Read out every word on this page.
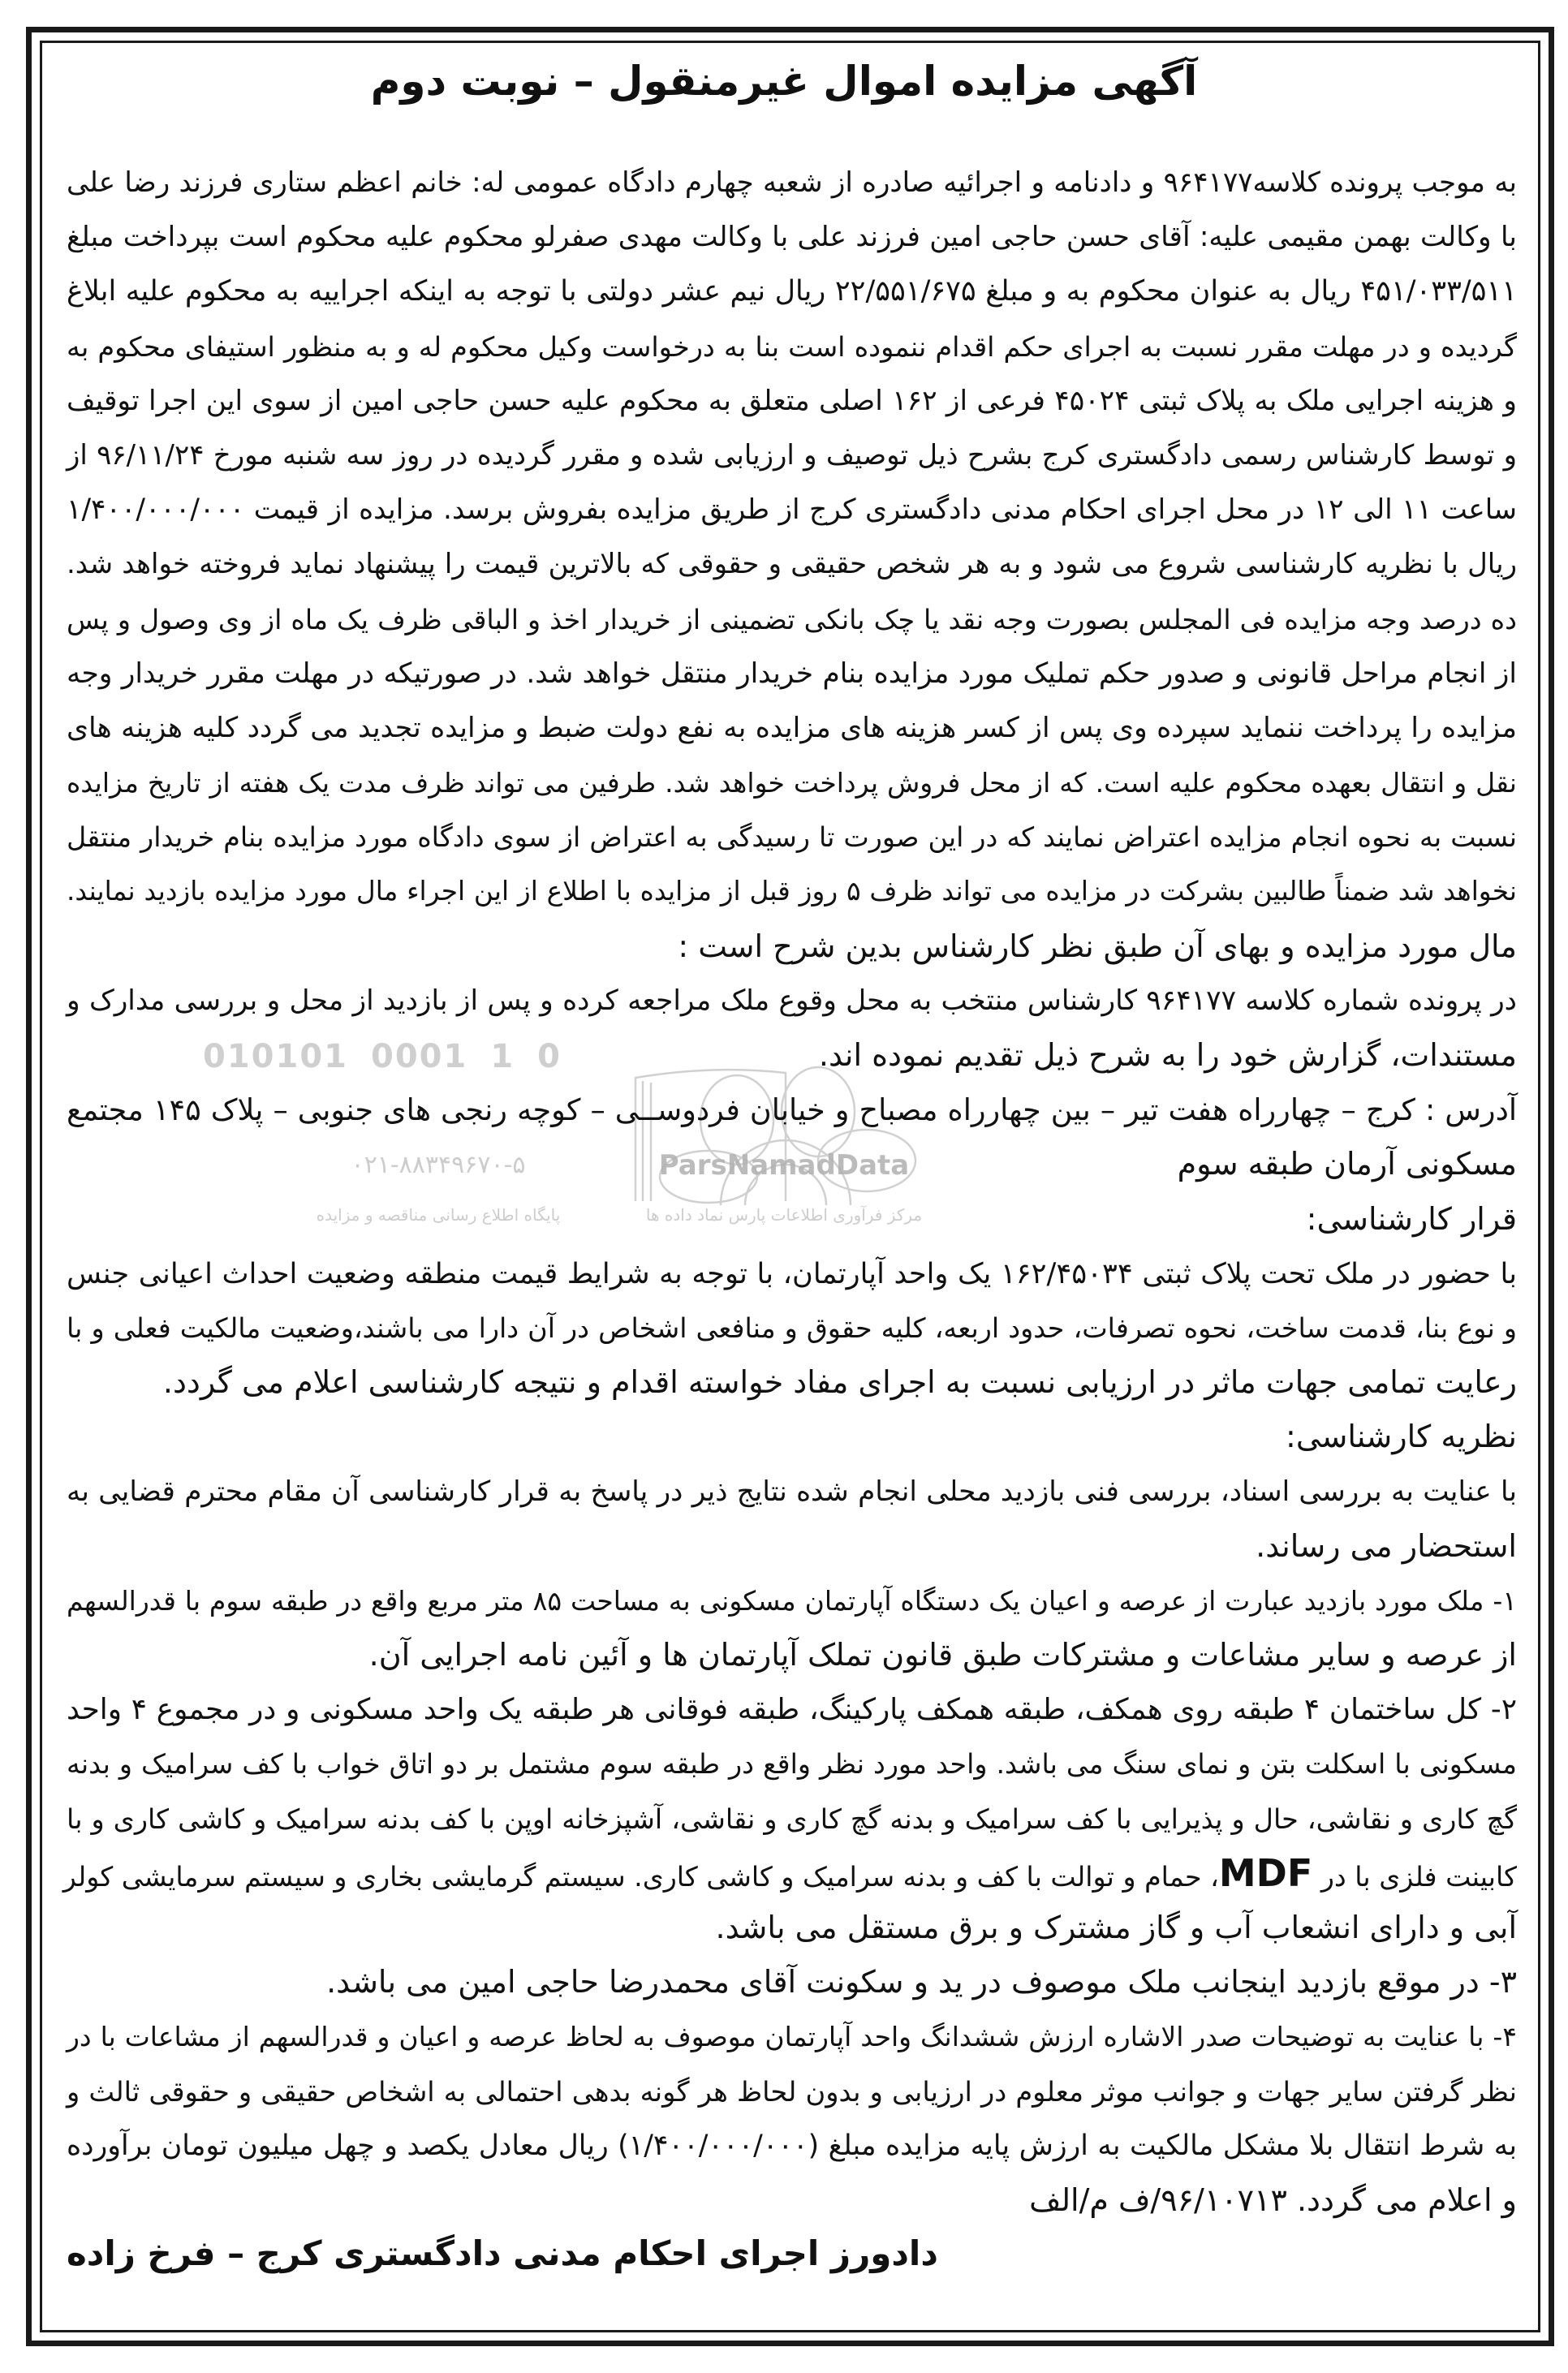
010101 0001 1 0
ParsNamadData
مرکز فرآوری اطلاعات پارس نماد داده ها
پایگاه اطلاع رسانی مناقصه و مزایده
۰۲۱-۸۸۳۴۹۶۷۰-۵
آگهی مزایده اموال غیرمنقول – نوبت دوم
به موجب پرونده کلاسه۹۶۴۱۷۷ و دادنامه و اجرائیه صادره از شعبه چهارم دادگاه عمومی له: خانم اعظم ستاری فرزند رضا علی
با وکالت بهمن مقیمی علیه: آقای حسن حاجی امین فرزند علی با وکالت مهدی صفرلو محکوم علیه محکوم است بپرداخت مبلغ
۴۵۱/۰۳۳/۵۱۱ ریال به عنوان محکوم به و مبلغ ۲۲/۵۵۱/۶۷۵ ریال نیم عشر دولتی با توجه به اینکه اجراییه به محکوم علیه ابلاغ
گردیده و در مهلت مقرر نسبت به اجرای حکم اقدام ننموده است بنا به درخواست وکیل محکوم له و به منظور استیفای محکوم به
و هزینه اجرایی ملک به پلاک ثبتی ۴۵۰۲۴ فرعی از ۱۶۲ اصلی متعلق به محکوم علیه حسن حاجی امین از سوی این اجرا توقیف
و توسط کارشناس رسمی دادگستری کرج بشرح ذیل توصیف و ارزیابی شده و مقرر گردیده در روز سه شنبه مورخ ۹۶/۱۱/۲۴ از
ساعت ۱۱ الی ۱۲ در محل اجرای احکام مدنی دادگستری کرج از طریق مزایده بفروش برسد. مزایده از قیمت ۱/۴۰۰/۰۰۰/۰۰۰
ریال با نظریه کارشناسی شروع می شود و به هر شخص حقیقی و حقوقی که بالاترین قیمت را پیشنهاد نماید فروخته خواهد شد.
ده درصد وجه مزایده فی المجلس بصورت وجه نقد یا چک بانکی تضمینی از خریدار اخذ و الباقی ظرف یک ماه از وی وصول و پس
از انجام مراحل قانونی و صدور حکم تملیک مورد مزایده بنام خریدار منتقل خواهد شد. در صورتیکه در مهلت مقرر خریدار وجه
مزایده را پرداخت ننماید سپرده وی پس از کسر هزینه های مزایده به نفع دولت ضبط و مزایده تجدید می گردد کلیه هزینه های
نقل و انتقال بعهده محکوم علیه است. که از محل فروش پرداخت خواهد شد. طرفین می تواند ظرف مدت یک هفته از تاریخ مزایده
نسبت به نحوه انجام مزایده اعتراض نمایند که در این صورت تا رسیدگی به اعتراض از سوی دادگاه مورد مزایده بنام خریدار منتقل
نخواهد شد ضمناً طالبین بشرکت در مزایده می تواند ظرف ۵ روز قبل از مزایده با اطلاع از این اجراء مال مورد مزایده بازدید نمایند.
مال مورد مزایده و بهای آن طبق نظر کارشناس بدین شرح است :
در پرونده شماره کلاسه ۹۶۴۱۷۷ کارشناس منتخب به محل وقوع ملک مراجعه کرده و پس از بازدید از محل و بررسی مدارک و
مستندات، گزارش خود را به شرح ذیل تقدیم نموده اند.
آدرس : کرج – چهارراه هفت تیر – بین چهارراه مصباح و خیابان فردوســی – کوچه رنجی های جنوبی – پلاک ۱۴۵ مجتمع
مسکونی آرمان طبقه سوم
قرار کارشناسی:
با حضور در ملک تحت پلاک ثبتی ۱۶۲/۴۵۰۳۴ یک واحد آپارتمان، با توجه به شرایط قیمت منطقه وضعیت احداث اعیانی جنس
و نوع بنا، قدمت ساخت، نحوه تصرفات، حدود اربعه، کلیه حقوق و منافعی اشخاص در آن دارا می باشند،وضعیت مالکیت فعلی و با
رعایت تمامی جهات ماثر در ارزیابی نسبت به اجرای مفاد خواسته اقدام و نتیجه کارشناسی اعلام می گردد.
نظریه کارشناسی:
با عنایت به بررسی اسناد، بررسی فنی بازدید محلی انجام شده نتایج ذیر در پاسخ به قرار کارشناسی آن مقام محترم قضایی به
استحضار می رساند.
۱- ملک مورد بازدید عبارت از عرصه و اعیان یک دستگاه آپارتمان مسکونی به مساحت ۸۵ متر مربع واقع در طبقه سوم با قدرالسهم
از عرصه و سایر مشاعات و مشترکات طبق قانون تملک آپارتمان ها و آئین نامه اجرایی آن.
۲- کل ساختمان ۴ طبقه روی همکف، طبقه همکف پارکینگ، طبقه فوقانی هر طبقه یک واحد مسکونی و در مجموع ۴ واحد
مسکونی با اسکلت بتن و نمای سنگ می باشد. واحد مورد نظر واقع در طبقه سوم مشتمل بر دو اتاق خواب با کف سرامیک و بدنه
گچ کاری و نقاشی، حال و پذیرایی با کف سرامیک و بدنه گچ کاری و نقاشی، آشپزخانه اوپن با کف بدنه سرامیک و کاشی کاری و با
کابینت فلزی با در MDF، حمام و توالت با کف و بدنه سرامیک و کاشی کاری. سیستم گرمایشی بخاری و سیستم سرمایشی کولر
آبی و دارای انشعاب آب و گاز مشترک و برق مستقل می باشد.
۳- در موقع بازدید اینجانب ملک موصوف در ید و سکونت آقای محمدرضا حاجی امین می باشد.
۴- با عنایت به توضیحات صدر الاشاره ارزش ششدانگ واحد آپارتمان موصوف به لحاظ عرصه و اعیان و قدرالسهم از مشاعات با در
نظر گرفتن سایر جهات و جوانب موثر معلوم در ارزیابی و بدون لحاظ هر گونه بدهی احتمالی به اشخاص حقیقی و حقوقی ثالث و
به شرط انتقال بلا مشکل مالکیت به ارزش پایه مزایده مبلغ (۱/۴۰۰/۰۰۰/۰۰۰) ریال معادل یکصد و چهل میلیون تومان برآورده
و اعلام می گردد. ۹۶/۱۰۷۱۳/ف م/الف
دادورز اجرای احکام مدنی دادگستری کرج – فرخ زاده
